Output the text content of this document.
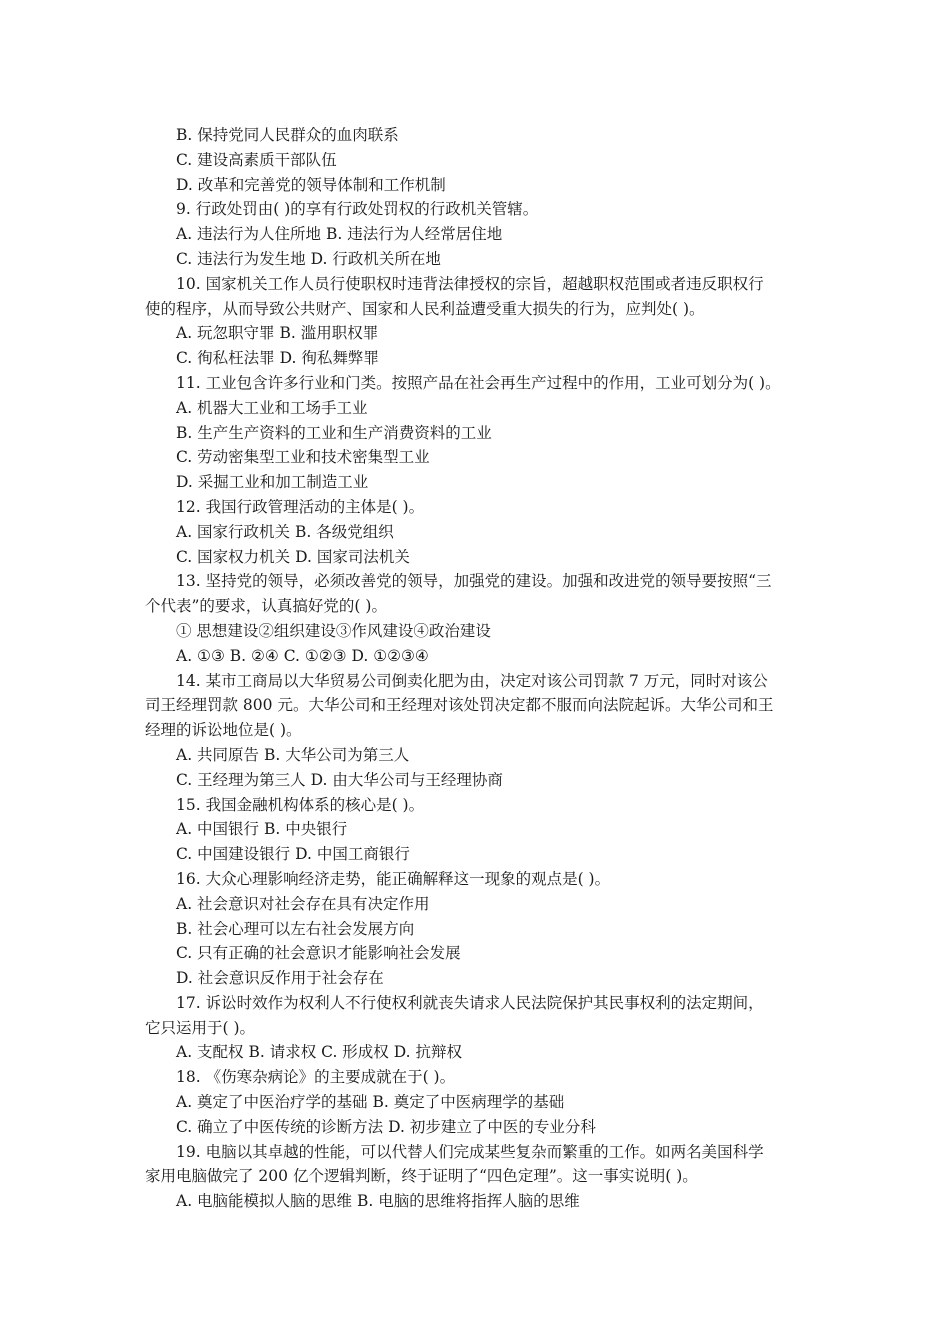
B. 保持党同人民群众的血肉联系
C. 建设高素质干部队伍
D. 改革和完善党的领导体制和工作机制
9. 行政处罚由( )的享有行政处罚权的行政机关管辖。
A. 违法行为人住所地 B. 违法行为人经常居住地
C. 违法行为发生地 D. 行政机关所在地
10. 国家机关工作人员行使职权时违背法律授权的宗旨，超越职权范围或者违反职权行
使的程序，从而导致公共财产、国家和人民利益遭受重大损失的行为，应判处( )。
A. 玩忽职守罪 B. 滥用职权罪
C. 徇私枉法罪 D. 徇私舞弊罪
11. 工业包含许多行业和门类。按照产品在社会再生产过程中的作用，工业可划分为( )。
A. 机器大工业和工场手工业
B. 生产生产资料的工业和生产消费资料的工业
C. 劳动密集型工业和技术密集型工业
D. 采掘工业和加工制造工业
12. 我国行政管理活动的主体是( )。
A. 国家行政机关 B. 各级党组织
C. 国家权力机关 D. 国家司法机关
13. 坚持党的领导，必须改善党的领导，加强党的建设。加强和改进党的领导要按照“三
个代表”的要求，认真搞好党的( )。
① 思想建设②组织建设③作风建设④政治建设
A. ①③ B. ②④ C. ①②③ D. ①②③④
14. 某市工商局以大华贸易公司倒卖化肥为由，决定对该公司罚款 7 万元，同时对该公
司王经理罚款 800 元。大华公司和王经理对该处罚决定都不服而向法院起诉。大华公司和王
经理的诉讼地位是( )。
A. 共同原告 B. 大华公司为第三人
C. 王经理为第三人 D. 由大华公司与王经理协商
15. 我国金融机构体系的核心是( )。
A. 中国银行 B. 中央银行
C. 中国建设银行 D. 中国工商银行
16. 大众心理影响经济走势，能正确解释这一现象的观点是( )。
A. 社会意识对社会存在具有决定作用
B. 社会心理可以左右社会发展方向
C. 只有正确的社会意识才能影响社会发展
D. 社会意识反作用于社会存在
17. 诉讼时效作为权利人不行使权利就丧失请求人民法院保护其民事权利的法定期间，
它只运用于( )。
A. 支配权 B. 请求权 C. 形成权 D. 抗辩权
18. 《伤寒杂病论》的主要成就在于( )。
A. 奠定了中医治疗学的基础 B. 奠定了中医病理学的基础
C. 确立了中医传统的诊断方法 D. 初步建立了中医的专业分科
19. 电脑以其卓越的性能，可以代替人们完成某些复杂而繁重的工作。如两名美国科学
家用电脑做完了 200 亿个逻辑判断，终于证明了“四色定理”。这一事实说明( )。
A. 电脑能模拟人脑的思维 B. 电脑的思维将指挥人脑的思维
